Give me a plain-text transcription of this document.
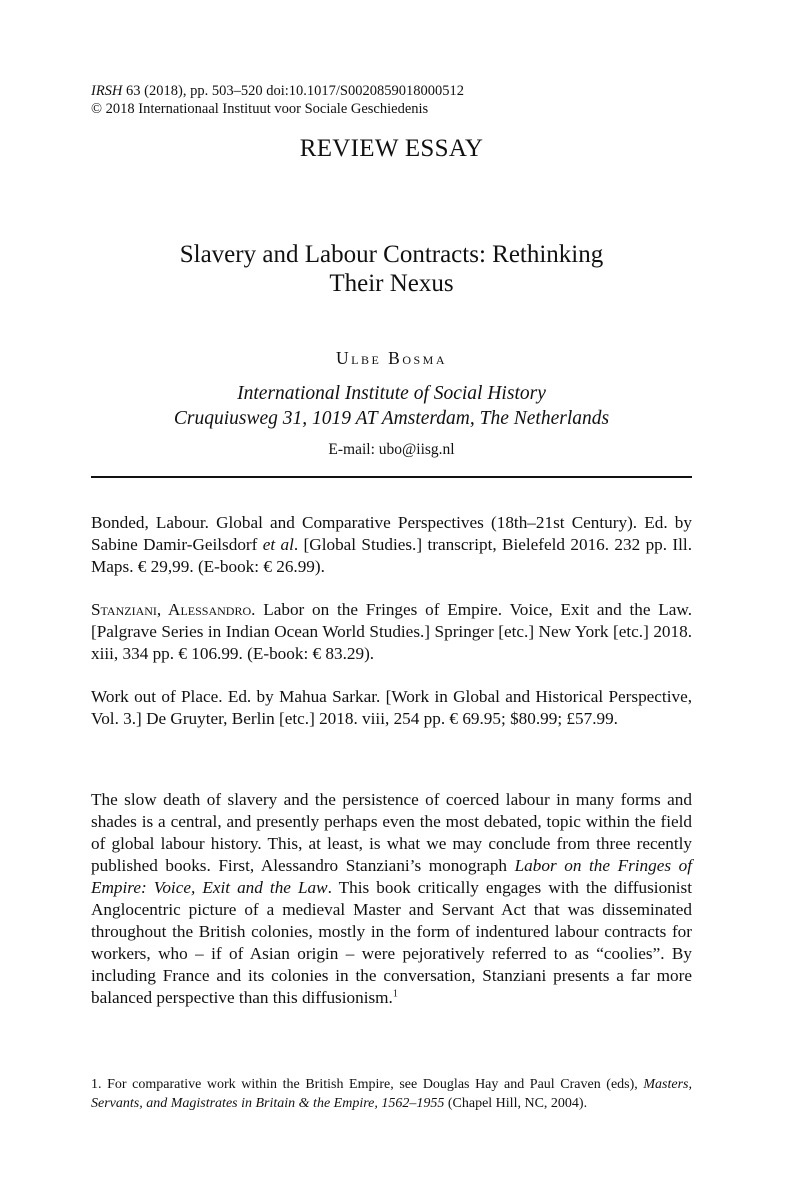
IRSH 63 (2018), pp. 503–520 doi:10.1017/S0020859018000512
© 2018 Internationaal Instituut voor Sociale Geschiedenis
REVIEW ESSAY
Slavery and Labour Contracts: Rethinking
Their Nexus
Ulbe Bosma
International Institute of Social History
Cruquiusweg 31, 1019 AT Amsterdam, The Netherlands
E-mail: ubo@iisg.nl

Bonded, Labour. Global and Comparative Perspectives (18th–21st Century). Ed. by Sabine Damir-Geilsdorf et al. [Global Studies.] transcript, Bielefeld 2016. 232 pp. Ill. Maps. € 29,99. (E-book: € 26.99).

Stanziani, Alessandro. Labor on the Fringes of Empire. Voice, Exit and the Law. [Palgrave Series in Indian Ocean World Studies.] Springer [etc.] New York [etc.] 2018. xiii, 334 pp. € 106.99. (E-book: € 83.29).

Work out of Place. Ed. by Mahua Sarkar. [Work in Global and Historical Perspective, Vol. 3.] De Gruyter, Berlin [etc.] 2018. viii, 254 pp. € 69.95; $80.99; £57.99.

The slow death of slavery and the persistence of coerced labour in many forms and shades is a central, and presently perhaps even the most debated, topic within the field of global labour history. This, at least, is what we may conclude from three recently published books. First, Alessandro Stanziani’s monograph Labor on the Fringes of Empire: Voice, Exit and the Law. This book critically engages with the diffusionist Anglocentric picture of a medieval Master and Servant Act that was disseminated throughout the British colonies, mostly in the form of indentured labour contracts for workers, who – if of Asian origin – were pejoratively referred to as “coolies”. By including France and its colonies in the conversation, Stanziani presents a far more balanced perspective than this diffusionism.$^1$

1. For comparative work within the British Empire, see Douglas Hay and Paul Craven (eds), Masters, Servants, and Magistrates in Britain & the Empire, 1562–1955 (Chapel Hill, NC, 2004).
